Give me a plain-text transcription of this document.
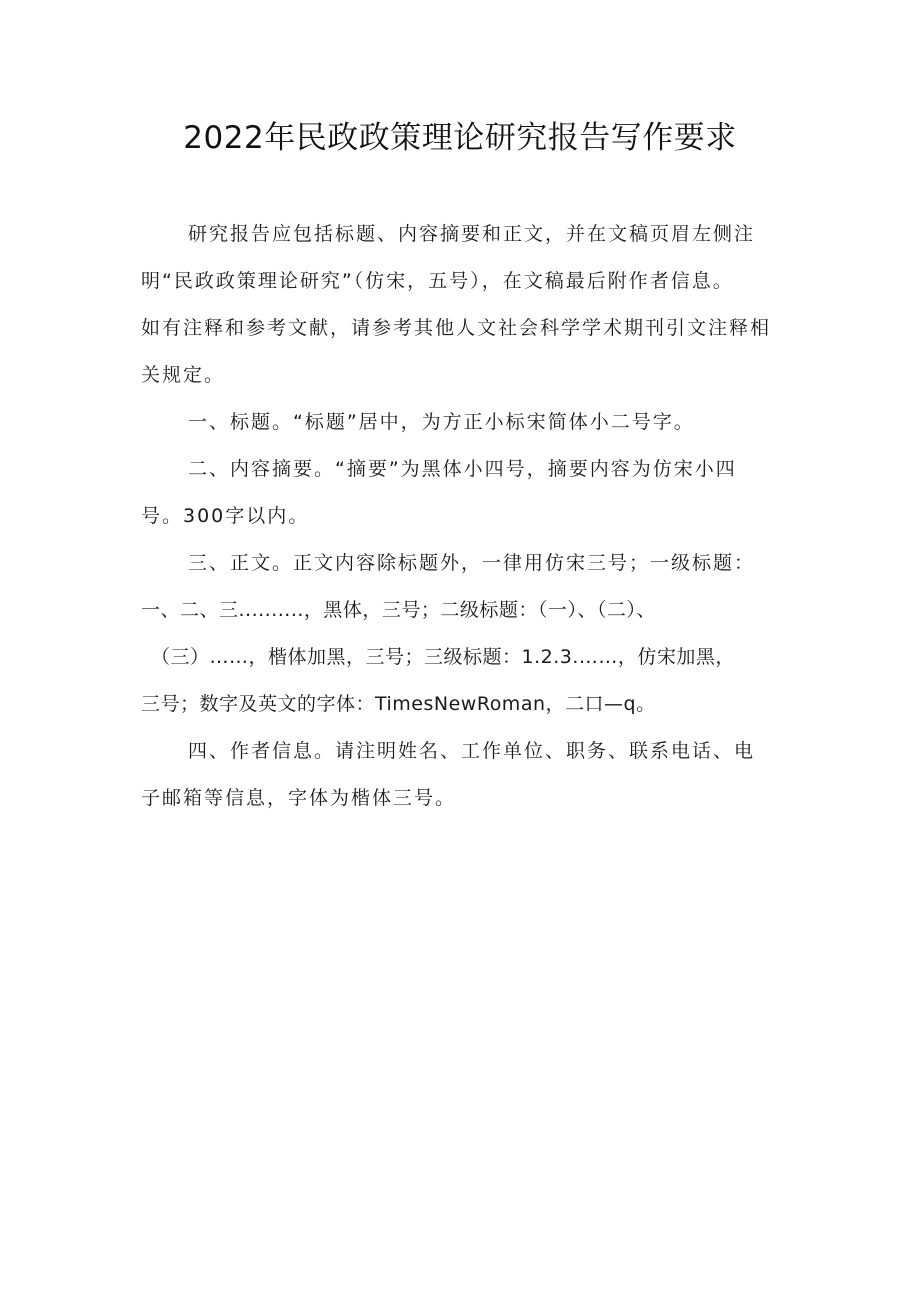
2022年民政政策理论研究报告写作要求

研究报告应包括标题、内容摘要和正文，并在文稿页眉左侧注
明“民政政策理论研究”（仿宋，五号），在文稿最后附作者信息。
如有注释和参考文献，请参考其他人文社会科学学术期刊引文注释相
关规定。

一、标题。“标题”居中，为方正小标宋简体小二号字。

二、内容摘要。“摘要”为黑体小四号，摘要内容为仿宋小四
号。300字以内。

三、正文。正文内容除标题外，一律用仿宋三号；一级标题：
一、二、三..........，黑体，三号；二级标题：（一）、（二）、
（三）……，楷体加黑，三号；三级标题：1.2.3.……，仿宋加黑，
三号；数字及英文的字体：TimesNewRoman，二口—q。

四、作者信息。请注明姓名、工作单位、职务、联系电话、电
子邮箱等信息，字体为楷体三号。
